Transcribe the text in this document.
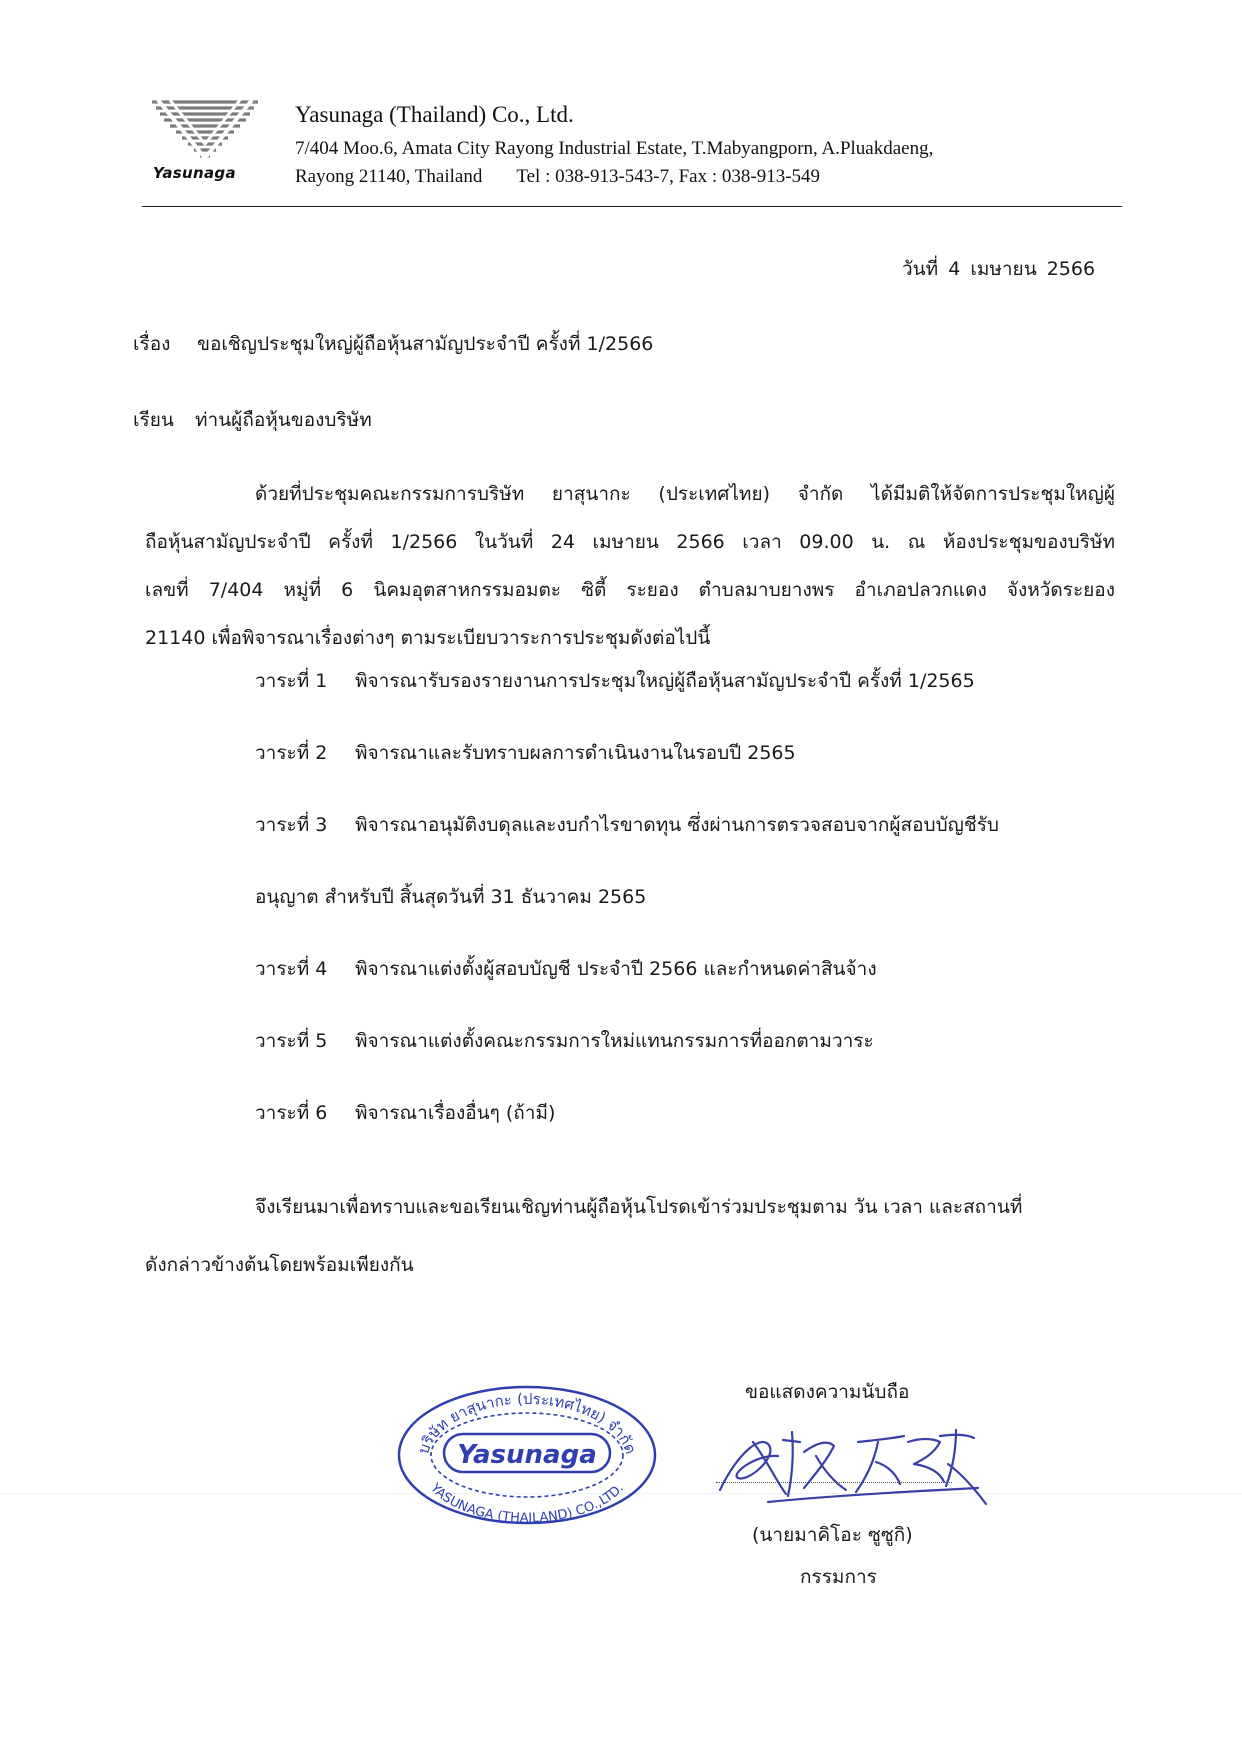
Yasunaga
Yasunaga (Thailand) Co., Ltd.
7/404 Moo.6, Amata City Rayong Industrial Estate, T.Mabyangporn, A.Pluakdaeng,
Rayong 21140, Thailand Tel : 038-913-543-7, Fax : 038-913-549
วันที่ 4 เมษายน 2566
เรื่อง ขอเชิญประชุมใหญ่ผู้ถือหุ้นสามัญประจำปี ครั้งที่ 1/2566
เรียน ท่านผู้ถือหุ้นของบริษัท
ด้วยที่ประชุมคณะกรรมการบริษัท ยาสุนากะ (ประเทศไทย) จำกัด ได้มีมติให้จัดการประชุมใหญ่ผู้
ถือหุ้นสามัญประจำปี ครั้งที่ 1/2566 ในวันที่ 24 เมษายน 2566 เวลา 09.00 น. ณ ห้องประชุมของบริษัท
เลขที่ 7/404 หมู่ที่ 6 นิคมอุตสาหกรรมอมตะ ซิตี้ ระยอง ตำบลมาบยางพร อำเภอปลวกแดง จังหวัดระยอง
21140 เพื่อพิจารณาเรื่องต่างๆ ตามระเบียบวาระการประชุมดังต่อไปนี้
วาระที่ 1	พิจารณารับรองรายงานการประชุมใหญ่ผู้ถือหุ้นสามัญประจำปี ครั้งที่ 1/2565
วาระที่ 2	พิจารณาและรับทราบผลการดำเนินงานในรอบปี 2565
วาระที่ 3	พิจารณาอนุมัติงบดุลและงบกำไรขาดทุน ซึ่งผ่านการตรวจสอบจากผู้สอบบัญชีรับ
อนุญาต สำหรับปี สิ้นสุดวันที่ 31 ธันวาคม 2565
วาระที่ 4	พิจารณาแต่งตั้งผู้สอบบัญชี ประจำปี 2566 และกำหนดค่าสินจ้าง
วาระที่ 5	พิจารณาแต่งตั้งคณะกรรมการใหม่แทนกรรมการที่ออกตามวาระ
วาระที่ 6	พิจารณาเรื่องอื่นๆ (ถ้ามี)
จึงเรียนมาเพื่อทราบและขอเรียนเชิญท่านผู้ถือหุ้นโปรดเข้าร่วมประชุมตาม วัน เวลา และสถานที่
ดังกล่าวข้างต้นโดยพร้อมเพียงกัน
บริษัท ยาสุนากะ (ประเทศไทย) จำกัด
Yasunaga
YASUNAGA (THAILAND) CO.,LTD.
ขอแสดงความนับถือ
(นายมาคิโอะ ซูซูกิ)
กรรมการ
